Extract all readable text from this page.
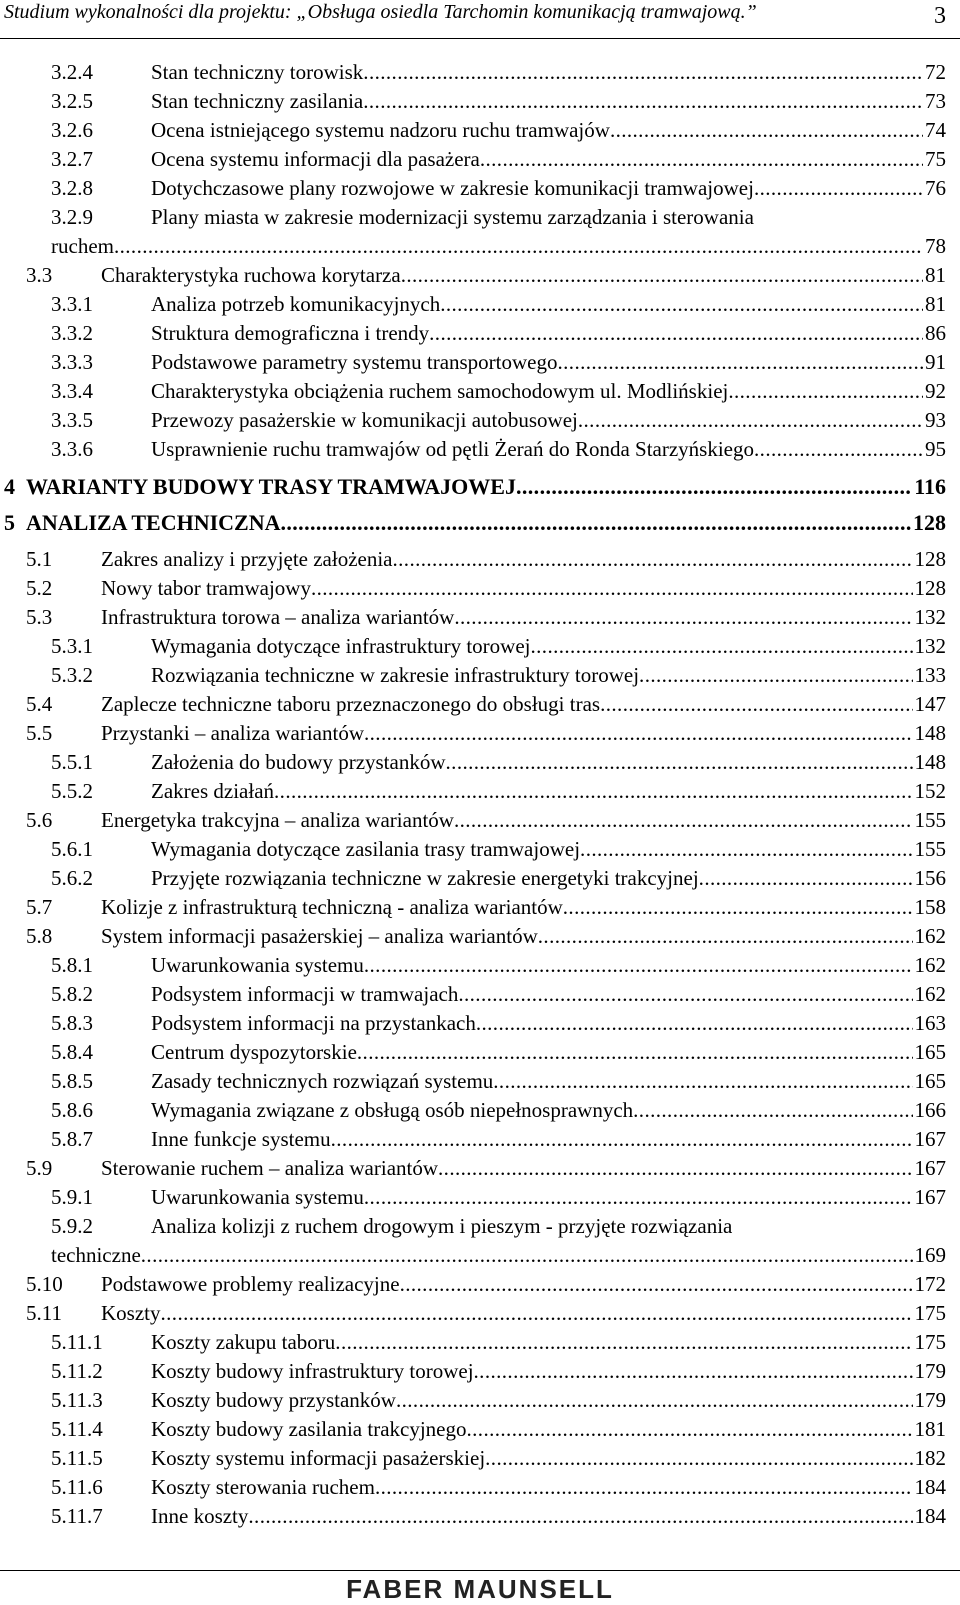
Studium wykonalności dla projektu: „Obsługa osiedla Tarchomin komunikacją tramwajową.”	3
3.2.4	Stan techniczny torowisk .....	72
3.2.5	Stan techniczny zasilania .....	73
3.2.6	Ocena istniejącego systemu nadzoru ruchu tramwajów .....	74
3.2.7	Ocena systemu informacji dla pasażera .....	75
3.2.8	Dotychczasowe plany rozwojowe w zakresie komunikacji tramwajowej .....	76
3.2.9	Plany miasta w zakresie modernizacji systemu zarządzania i sterowania
ruchem .....	78
3.3 Charakterystyka ruchowa korytarza .....	81
3.3.1	Analiza potrzeb komunikacyjnych .....	81
3.3.2	Struktura demograficzna i trendy .....	86
3.3.3	Podstawowe parametry systemu transportowego .....	91
3.3.4	Charakterystyka obciążenia ruchem samochodowym ul. Modlińskiej .....	92
3.3.5	Przewozy pasażerskie w komunikacji autobusowej .....	93
3.3.6	Usprawnienie ruchu tramwajów od pętli Żerań do Ronda Starzyńskiego .....	95
4 WARIANTY BUDOWY TRASY TRAMWAJOWEJ .....	116
5 ANALIZA TECHNICZNA .....	128
5.1 Zakres analizy i przyjęte założenia .....	128
5.2 Nowy tabor tramwajowy .....	128
5.3 Infrastruktura torowa – analiza wariantów .....	132
5.3.1	Wymagania dotyczące infrastruktury torowej .....	132
5.3.2	Rozwiązania techniczne w zakresie infrastruktury torowej .....	133
5.4 Zaplecze techniczne taboru przeznaczonego do obsługi tras .....	147
5.5 Przystanki – analiza wariantów .....	148
5.5.1	Założenia do budowy przystanków .....	148
5.5.2	Zakres działań .....	152
5.6 Energetyka trakcyjna – analiza wariantów .....	155
5.6.1	Wymagania dotyczące zasilania trasy tramwajowej .....	155
5.6.2	Przyjęte rozwiązania techniczne w zakresie energetyki trakcyjnej .....	156
5.7 Kolizje z infrastrukturą techniczną - analiza wariantów .....	158
5.8 System informacji pasażerskiej – analiza wariantów .....	162
5.8.1	Uwarunkowania systemu .....	162
5.8.2	Podsystem informacji w tramwajach .....	162
5.8.3	Podsystem informacji na przystankach .....	163
5.8.4	Centrum dyspozytorskie .....	165
5.8.5	Zasady technicznych rozwiązań systemu .....	165
5.8.6	Wymagania związane z obsługą osób niepełnosprawnych .....	166
5.8.7	Inne funkcje systemu .....	167
5.9 Sterowanie ruchem – analiza wariantów .....	167
5.9.1	Uwarunkowania systemu .....	167
5.9.2	Analiza kolizji z ruchem drogowym i pieszym - przyjęte rozwiązania
techniczne .....	169
5.10 Podstawowe problemy realizacyjne .....	172
5.11 Koszty .....	175
5.11.1 Koszty zakupu taboru .....	175
5.11.2 Koszty budowy infrastruktury torowej .....	179
5.11.3 Koszty budowy przystanków .....	179
5.11.4 Koszty budowy zasilania trakcyjnego .....	181
5.11.5 Koszty systemu informacji pasażerskiej .....	182
5.11.6 Koszty sterowania ruchem .....	184
5.11.7 Inne koszty .....	184
FABER MAUNSELL
